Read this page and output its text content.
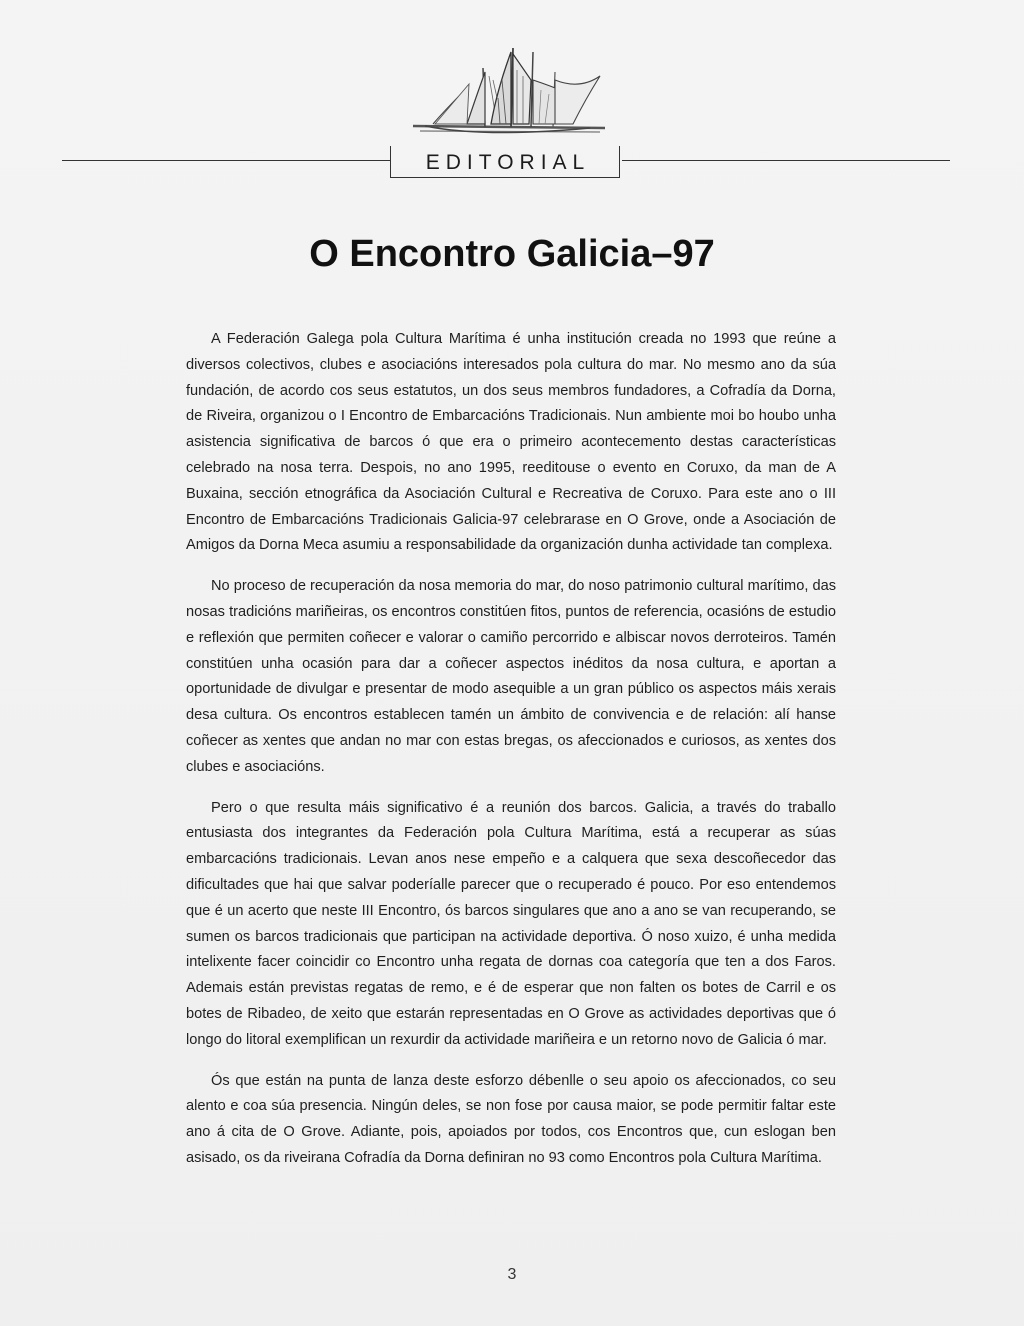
EDITORIAL
O Encontro Galicia–97

A Federación Galega pola Cultura Marítima é unha institución creada no 1993 que reúne a diversos colectivos, clubes e asociacións interesados pola cultura do mar. No mesmo ano da súa fundación, de acordo cos seus estatutos, un dos seus membros fundadores, a Cofradía da Dorna, de Riveira, organizou o I Encontro de Embarcacións Tradicionais. Nun ambiente moi bo houbo unha asistencia significativa de barcos ó que era o primeiro acontecemento destas características celebrado na nosa terra. Despois, no ano 1995, reeditouse o evento en Coruxo, da man de A Buxaina, sección etnográfica da Asociación Cultural e Recreativa de Coruxo. Para este ano o III Encontro de Embarcacións Tradicionais Galicia-97 celebrarase en O Grove, onde a Asociación de Amigos da Dorna Meca asumiu a responsabilidade da organización dunha actividade tan complexa.

No proceso de recuperación da nosa memoria do mar, do noso patrimonio cultural marítimo, das nosas tradicións mariñeiras, os encontros constitúen fitos, puntos de referencia, ocasións de estudio e reflexión que permiten coñecer e valorar o camiño percorrido e albiscar novos derroteiros. Tamén constitúen unha ocasión para dar a coñecer aspectos inéditos da nosa cultura, e aportan a oportunidade de divulgar e presentar de modo asequible a un gran público os aspectos máis xerais desa cultura. Os encontros establecen tamén un ámbito de convivencia e de relación: alí hanse coñecer as xentes que andan no mar con estas bregas, os afeccionados e curiosos, as xentes dos clubes e asociacións.

Pero o que resulta máis significativo é a reunión dos barcos. Galicia, a través do traballo entusiasta dos integrantes da Federación pola Cultura Marítima, está a recuperar as súas embarcacións tradicionais. Levan anos nese empeño e a calquera que sexa descoñecedor das dificultades que hai que salvar poderíalle parecer que o recuperado é pouco. Por eso entendemos que é un acerto que neste III Encontro, ós barcos singulares que ano a ano se van recuperando, se sumen os barcos tradicionais que participan na actividade deportiva. Ó noso xuizo, é unha medida intelixente facer coincidir co Encontro unha regata de dornas coa categoría que ten a dos Faros. Ademais están previstas regatas de remo, e é de esperar que non falten os botes de Carril e os botes de Ribadeo, de xeito que estarán representadas en O Grove as actividades deportivas que ó longo do litoral exemplifican un rexurdir da actividade mariñeira e un retorno novo de Galicia ó mar.

Ós que están na punta de lanza deste esforzo débenlle o seu apoio os afeccionados, co seu alento e coa súa presencia. Ningún deles, se non fose por causa maior, se pode permitir faltar este ano á cita de O Grove. Adiante, pois, apoiados por todos, cos Encontros que, cun eslogan ben asisado, os da riveirana Cofradía da Dorna definiran no 93 como Encontros pola Cultura Marítima.

3
